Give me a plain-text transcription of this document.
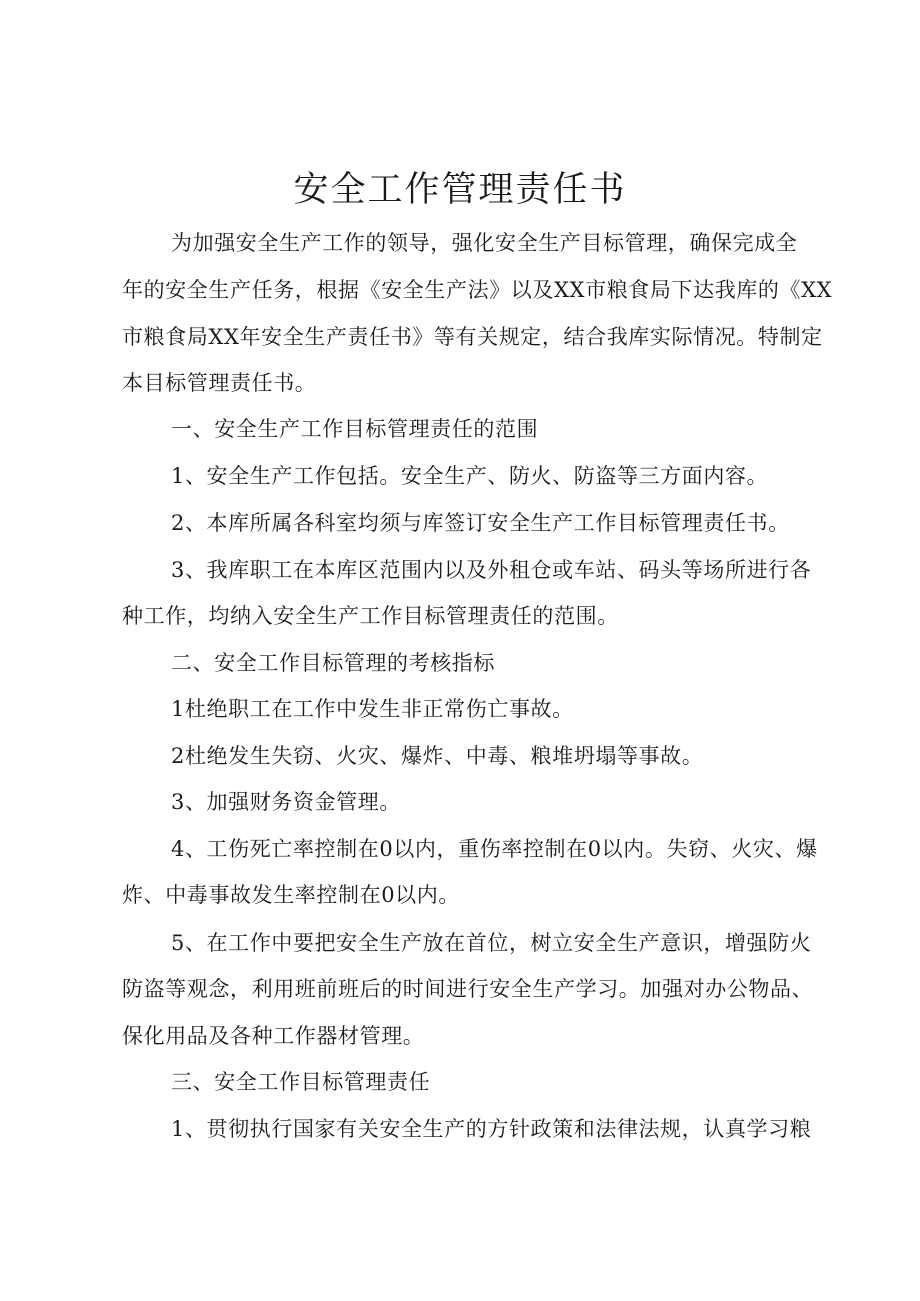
安全工作管理责任书
为加强安全生产工作的领导，强化安全生产目标管理，确保完成全
年的安全生产任务，根据《安全生产法》以及XX市粮食局下达我库的《XX
市粮食局XX年安全生产责任书》等有关规定，结合我库实际情况。特制定
本目标管理责任书。
一、安全生产工作目标管理责任的范围
1、安全生产工作包括。安全生产、防火、防盗等三方面内容。
2、本库所属各科室均须与库签订安全生产工作目标管理责任书。
3、我库职工在本库区范围内以及外租仓或车站、码头等场所进行各
种工作，均纳入安全生产工作目标管理责任的范围。
二、安全工作目标管理的考核指标
1杜绝职工在工作中发生非正常伤亡事故。
2杜绝发生失窃、火灾、爆炸、中毒、粮堆坍塌等事故。
3、加强财务资金管理。
4、工伤死亡率控制在0以内，重伤率控制在0以内。失窃、火灾、爆
炸、中毒事故发生率控制在0以内。
5、在工作中要把安全生产放在首位，树立安全生产意识，增强防火
防盗等观念，利用班前班后的时间进行安全生产学习。加强对办公物品、
保化用品及各种工作器材管理。
三、安全工作目标管理责任
1、贯彻执行国家有关安全生产的方针政策和法律法规，认真学习粮
